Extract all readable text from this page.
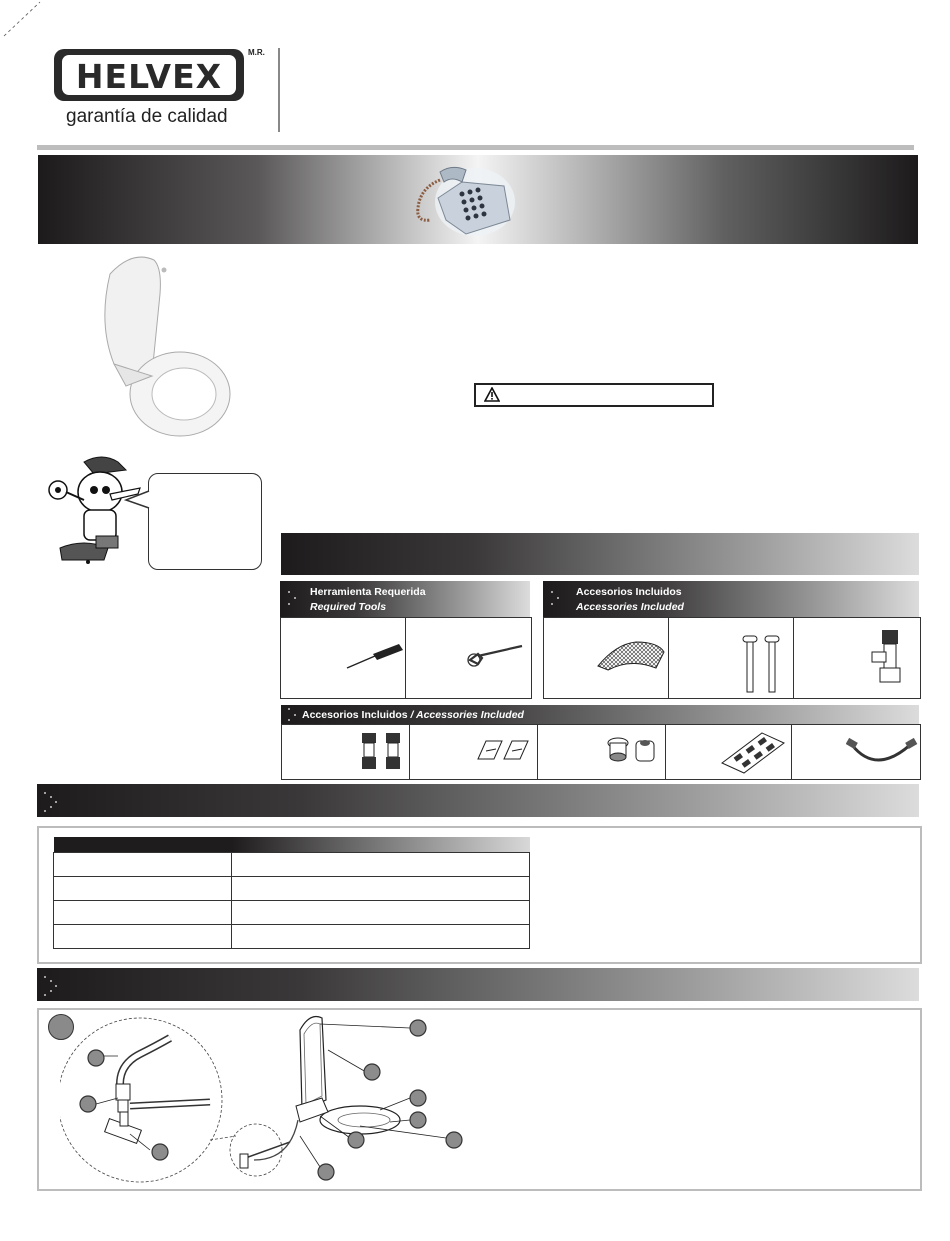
HELVEX
M.R.
garantía de calidad
Herramienta Requerida
Required Tools
Accesorios Incluidos
Accessories Included
Accesorios Incluidos / Accessories Included
